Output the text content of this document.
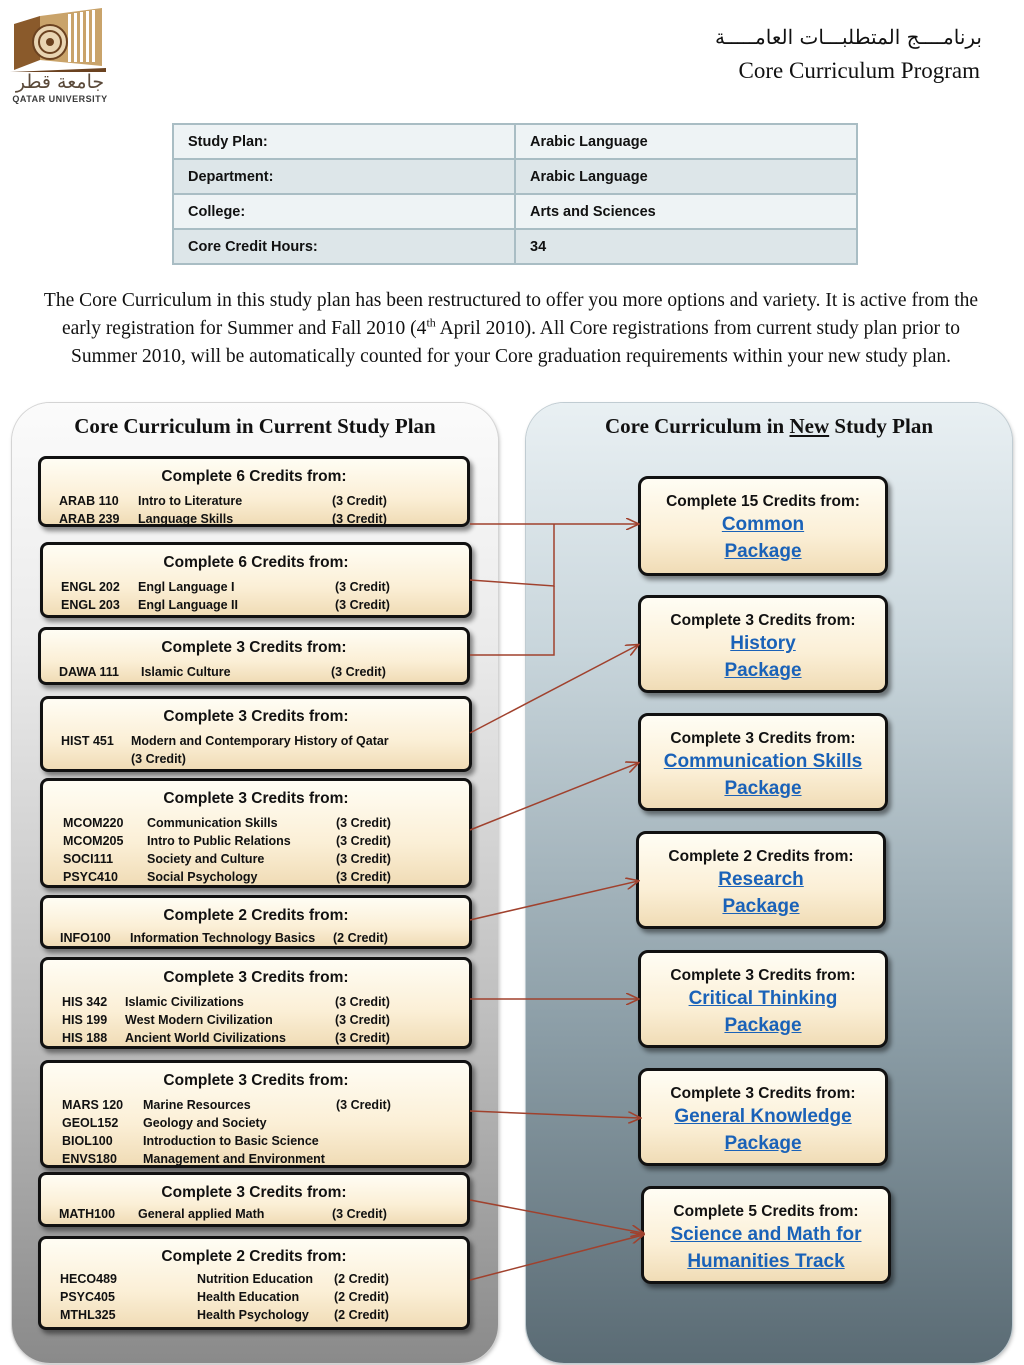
جامعة قطر
QATAR UNIVERSITY
برنامــــج المتطلبـــات العامـــــة
Core Curriculum Program
Study Plan:	Arabic Language
Department:	Arabic Language
College:	Arts and Sciences
Core Credit Hours:	34
The Core Curriculum in this study plan has been restructured to offer you more options and variety. It is active from the early registration for Summer and Fall 2010 (4th April 2010). All Core registrations from current study plan prior to Summer 2010, will be automatically counted for your Core graduation requirements within your new study plan.
Core Curriculum in Current Study Plan	Core Curriculum in New Study Plan
Complete 6 Credits from:
ARAB 110 Intro to Literature	(3 Credit)
ARAB 239 Language Skills	(3 Credit)
Complete 6 Credits from:
ENGL 202 Engl Language I	(3 Credit)
ENGL 203 Engl Language II	(3 Credit)
Complete 3 Credits from:
DAWA 111 Islamic Culture	(3 Credit)
Complete 3 Credits from:
HIST 451 Modern and Contemporary History of Qatar
(3 Credit)
Complete 3 Credits from:
MCOM220 Communication Skills	(3 Credit)
MCOM205 Intro to Public Relations	(3 Credit)
SOCI111	Society and Culture	(3 Credit)
PSYC410 Social Psychology	(3 Credit)
Complete 2 Credits from:
INFO100 Information Technology Basics (2 Credit)
Complete 3 Credits from:
HIS 342 Islamic Civilizations	(3 Credit)
HIS 199 West Modern Civilization	(3 Credit)
HIS 188 Ancient World Civilizations	(3 Credit)
Complete 3 Credits from:
MARS 120 Marine Resources	(3 Credit)
GEOL152 Geology and Society
BIOL100 Introduction to Basic Science
ENVS180 Management and Environment
Complete 3 Credits from:
MATH100 General applied Math	(3 Credit)
Complete 2 Credits from:
HECO489	Nutrition Education (2 Credit)
PSYC405	Health Education	(2 Credit)
MTHL325	Health Psychology (2 Credit)
Complete 15 Credits from:
Common
Package
Complete 3 Credits from:
History
Package
Complete 3 Credits from:
Communication Skills
Package
Complete 2 Credits from:
Research
Package
Complete 3 Credits from:
Critical Thinking
Package
Complete 3 Credits from:
General Knowledge
Package
Complete 5 Credits from:
Science and Math for
Humanities Track
